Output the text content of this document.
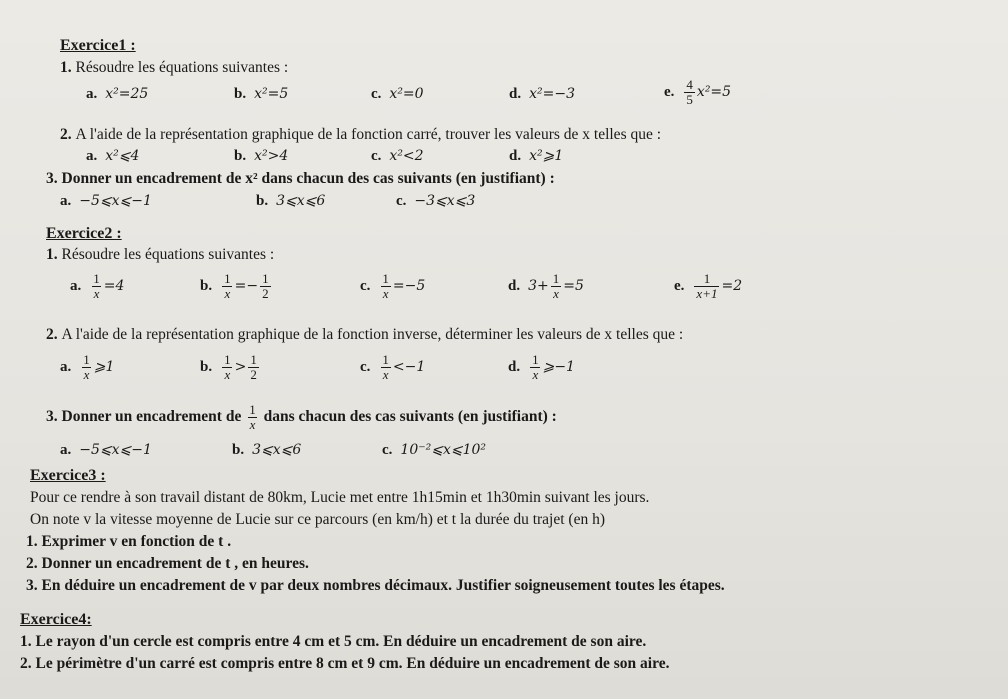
Exercice1 :
1. Résoudre les équations suivantes :
a. x²=25	b. x²=5	c. x²=0	d. x²=−3	e. $\frac{4}{5} x^2=5$
2. A l'aide de la représentation graphique de la fonction carré, trouver les valeurs de x telles que :
a. x²⩽4	b. x²>4	c. x²<2	d. x²⩾1
3. Donner un encadrement de x² dans chacun des cas suivants (en justifiant) :
a. −5⩽x⩽−1	b. 3⩽x⩽6	c. −3⩽x⩽3
Exercice2 :
1. Résoudre les équations suivantes :
a. $\frac{1}{x} =4$	b. $\frac{1}{x} =- \frac{1}{2}$	c. $\frac{1}{x} =-5$	d. $3+ \frac{1}{x} =5$	e. $\frac{1}{x+1} =2$
2. A l'aide de la représentation graphique de la fonction inverse, déterminer les valeurs de x telles que :
a. $\frac{1}{x}$ ⩾1	b. $\frac{1}{x} > \frac{1}{2}$	c. $\frac{1}{x} <-1$	d. $\frac{1}{x}$ ⩾−1
3. Donner un encadrement de $\frac{1}{x}$ dans chacun des cas suivants (en justifiant) :
a. −5⩽x⩽−1	b. 3⩽x⩽6	c. 10⁻²⩽x⩽10²
Exercice3 :
Pour ce rendre à son travail distant de 80km, Lucie met entre 1h15min et 1h30min suivant les jours.
On note v la vitesse moyenne de Lucie sur ce parcours (en km/h) et t la durée du trajet (en h)
1. Exprimer v en fonction de t .
2. Donner un encadrement de t , en heures.
3. En déduire un encadrement de v par deux nombres décimaux. Justifier soigneusement toutes les étapes.
Exercice4:
1. Le rayon d'un cercle est compris entre 4 cm et 5 cm. En déduire un encadrement de son aire.
2. Le périmètre d'un carré est compris entre 8 cm et 9 cm. En déduire un encadrement de son aire.
